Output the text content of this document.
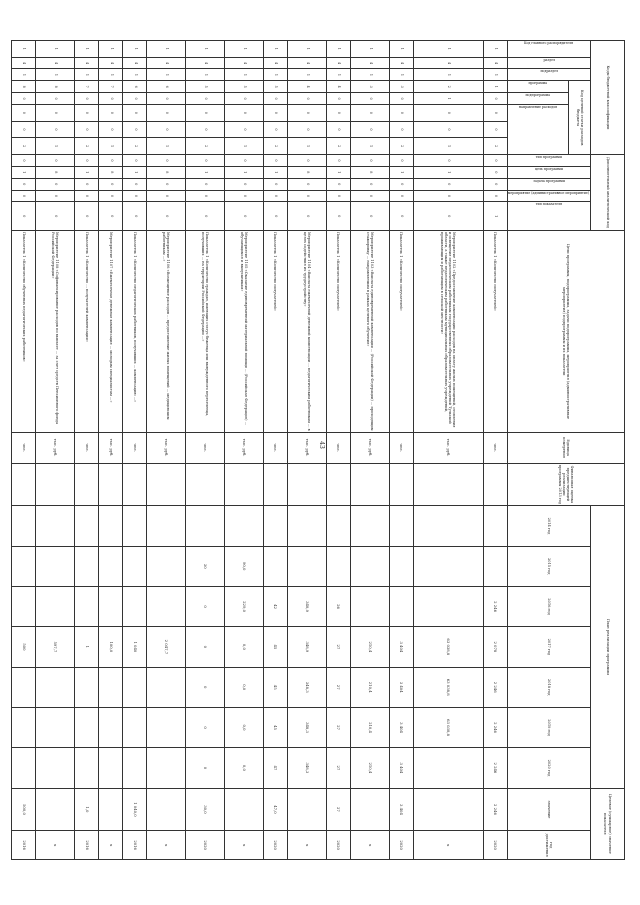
43
Коды бюджетной классификации								Дополнительный аналитический код					Цели программы, подпрограммы, задачи подпрограммы, мероприятия (административные мероприятия) подпрограммы и их показатели	Единица измерения	Финансовая оценка предшествующей реализации программы 2013 год	План реализации программы							Целевое (суммарное) значение показателя	

Код главного распорядителя	раздел	подраздел	Код целевой статьи расходов бюджета					тип программы	цель программы	задача программы	мероприятие (административное мероприятие)	тип показателя				2014 год	2015 год	2016 год	2017 год	2018 год	2019 год	2020 год	значение	год достижения

			программа	подпрограмма	направление расходов																			

1	4	1	1	0	0	0	2	0	0	0	0	1	Показатель 1 «Количество получателей»	чел.				2 246	2 078	2 246	2 246	2 246	2 246	2020
1	4	1	2	1	0	0	1	0	1	0	0	0	Мероприятие 1102 «Предоставление компенсации расходов на оплату жилых помещений, отопления и освещения педагогическим работникам государственных образовательных учреждений Тульской области, а также педагогическим работникам муниципальных образовательных учреждений, проживающим и работающим в сельской местности»	тыс. руб.					63 038,8	63 038,8	63 038,8			x
1	4	1	3	0	0	0	2	0	1	0	0	0	Показатель 1 «Количество получателей»	чел.					3 404	3 404	3 404	3 404	3 404	2020
1	4	1	3	0	0	0	1	0	8	0	0	0	Мероприятие 1103 «Выплата единовременной компенсации ... (Российской Федерации) ... проходящим стажировку ... направляемым в рамках целевого обучения»	тыс. руб.					210,4	210,4	210,4	210,4		x
1	4	1	4	0	0	0	2	0	1	0	0	0	Показатель 1 «Количество получателей»	чел.				26	27	27	27	27	27	2020
1	4	1	4	0	0	0	1	0	8	0	0	0	Мероприятие 1104 «Выплата ежемесячной денежной компенсации ... педагогическим работникам ... в целях содействия их трудоустройству»	тыс. руб.				348,9	348,9	348,3	348,3	348,3		x
1	4	1	5	0	0	0	2	0	1	0	0	0	Показатель 1 «Количество получателей»	чел.				42	45	45	45	47	47,0	2020
1	4	1	5	0	0	0	1	0	1	0	0	0	Мероприятие 1105 «Оказание единовременной материальной помощи ... (Российская Федерация) ... обучающимся и выпускникам»	тыс. руб.			90,0	229,0	0,0	0,0	0,0	0,0		x
1	4	1	5	0	0	0	2	0	1	0	0	0	Показатель 1 «Количество граждан, имеющих статус беженца или вынужденного переселенца, получивших ... на территории Российской Федерации ...»	чел.			30	0	0	0	0	0	30,0	2020
1	4	1	6	0	0	0	1	0	8	0	0	0	Мероприятие 1106 «Возмещение расходов ... предоставление жилых помещений ... медицинским работникам ...»	тыс. руб.					2 047,7					x
1	4	1	6	0	0	0	2	0	1	0	0	0	Показатель 1 «Количество педагогических работников, получивших ... компенсацию ...»	чел.					1 040				1 040,0	2016
1	4	1	7	0	0	0	1	0	8	0	0	0	Мероприятие 1107 «Ежемесячная денежная компенсация ... молодым специалистам ...»	тыс. руб.					100,0					x
1	4	1	7	0	0	0	2	0	1	0	0	0	Показатель 1 «Количество ... получателей компенсации»	чел.					1				1,0	2016
1	4	1	8	0	0	0	1	0	8	0	0	0	Мероприятие 1108 «Софинансирование расходов по выплате ... за счет средств Пенсионного фонда Российской Федерации»	тыс. руб.					597,7					x
1	4	1	8	0	0	0	2	0	1	0	0	0	Показатель 1 «Количество обученных педагогических работников»	чел.					500				500,0	2016
